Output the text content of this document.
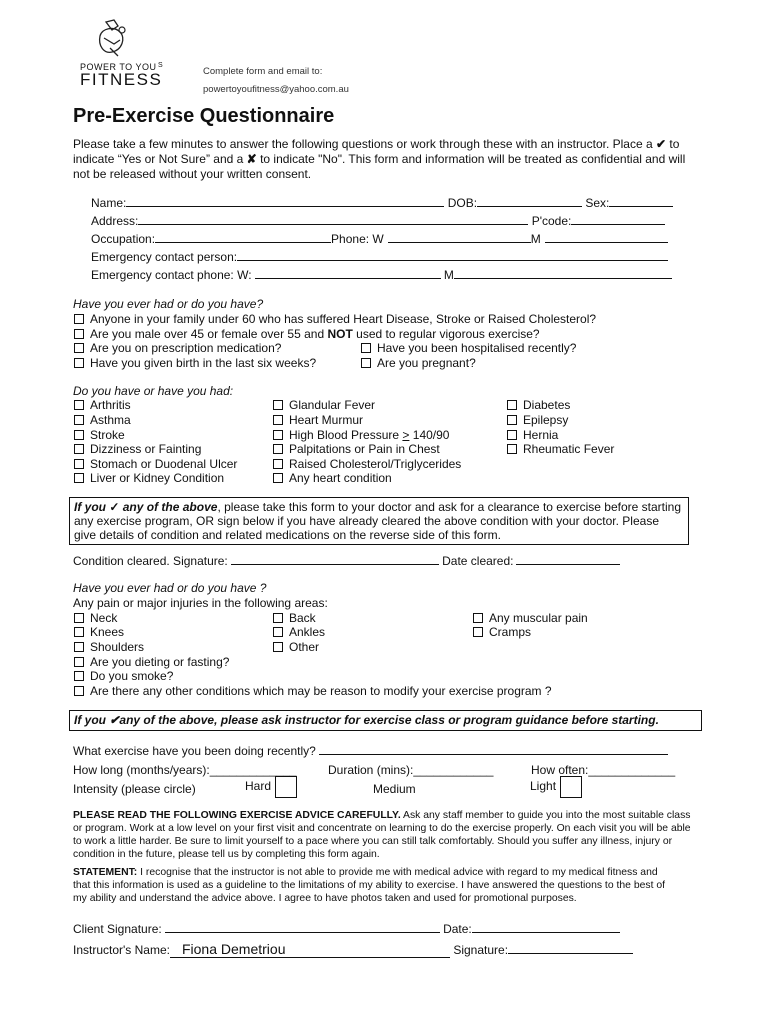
POWER TO YOU
FITNESS
S
Complete form and email to:
powertoyoufitness@yahoo.com.au
Pre-Exercise Questionnaire
Please take a few minutes to answer the following questions or work through these with an instructor. Place a ✔ to indicate “Yes or Not Sure” and a ✘ to indicate "No". This form and information will be treated as confidential and will not be released without your written consent.
Name:	DOB:	Sex:
Address:	P'code:
Occupation:	Phone: W	M
Emergency contact person:
Emergency contact phone: W:	M
Have you ever had or do you have?
Anyone in your family under 60 who has suffered Heart Disease, Stroke or Raised Cholesterol?
Are you male over 45 or female over 55 and NOT used to regular vigorous exercise?
Are you on prescription medication?	Have you been hospitalised recently?
Have you given birth in the last six weeks?	Are you pregnant?
Do you have or have you had:
Arthritis
Asthma
Stroke
Dizziness or Fainting
Stomach or Duodenal Ulcer
Liver or Kidney Condition
Glandular Fever
Heart Murmur
High Blood Pressure > 140/90
Palpitations or Pain in Chest
Raised Cholesterol/Triglycerides
Any heart condition
Diabetes
Epilepsy
Hernia
Rheumatic Fever
If you ✓ any of the above, please take this form to your doctor and ask for a clearance to exercise before starting any exercise program, OR sign below if you have already cleared the above condition with your doctor. Please give details of condition and related medications on the reverse side of this form.
Condition cleared. Signature:	Date cleared:
Have you ever had or do you have ?
Any pain or major injuries in the following areas:
Neck
Knees
Shoulders
Back
Ankles
Other
Any muscular pain
Cramps
Are you dieting or fasting?
Do you smoke?
Are there any other conditions which may be reason to modify your exercise program ?
If you ✔any of the above, please ask instructor for exercise class or program guidance before starting.
What exercise have you been doing recently?
How long (months/years):_____________	Duration (mins):____________	How often:_____________
Intensity (please circle)	Hard	Medium	Light
PLEASE READ THE FOLLOWING EXERCISE ADVICE CAREFULLY. Ask any staff member to guide you into the most suitable class or program. Work at a low level on your first visit and concentrate on learning to do the exercise properly. On each visit you will be able to work a little harder. Be sure to limit yourself to a pace where you can still talk comfortably. Should you suffer any illness, injury or condition in the future, please tell us by completing this form again.
STATEMENT: I recognise that the instructor is not able to provide me with medical advice with regard to my medical fitness and that this information is used as a guideline to the limitations of my ability to exercise. I have answered the questions to the best of my ability and understand the advice above. I agree to have photos taken and used for promotional purposes.
Client Signature:	Date:
Instructor's Name: Fiona Demetriou	Signature:
